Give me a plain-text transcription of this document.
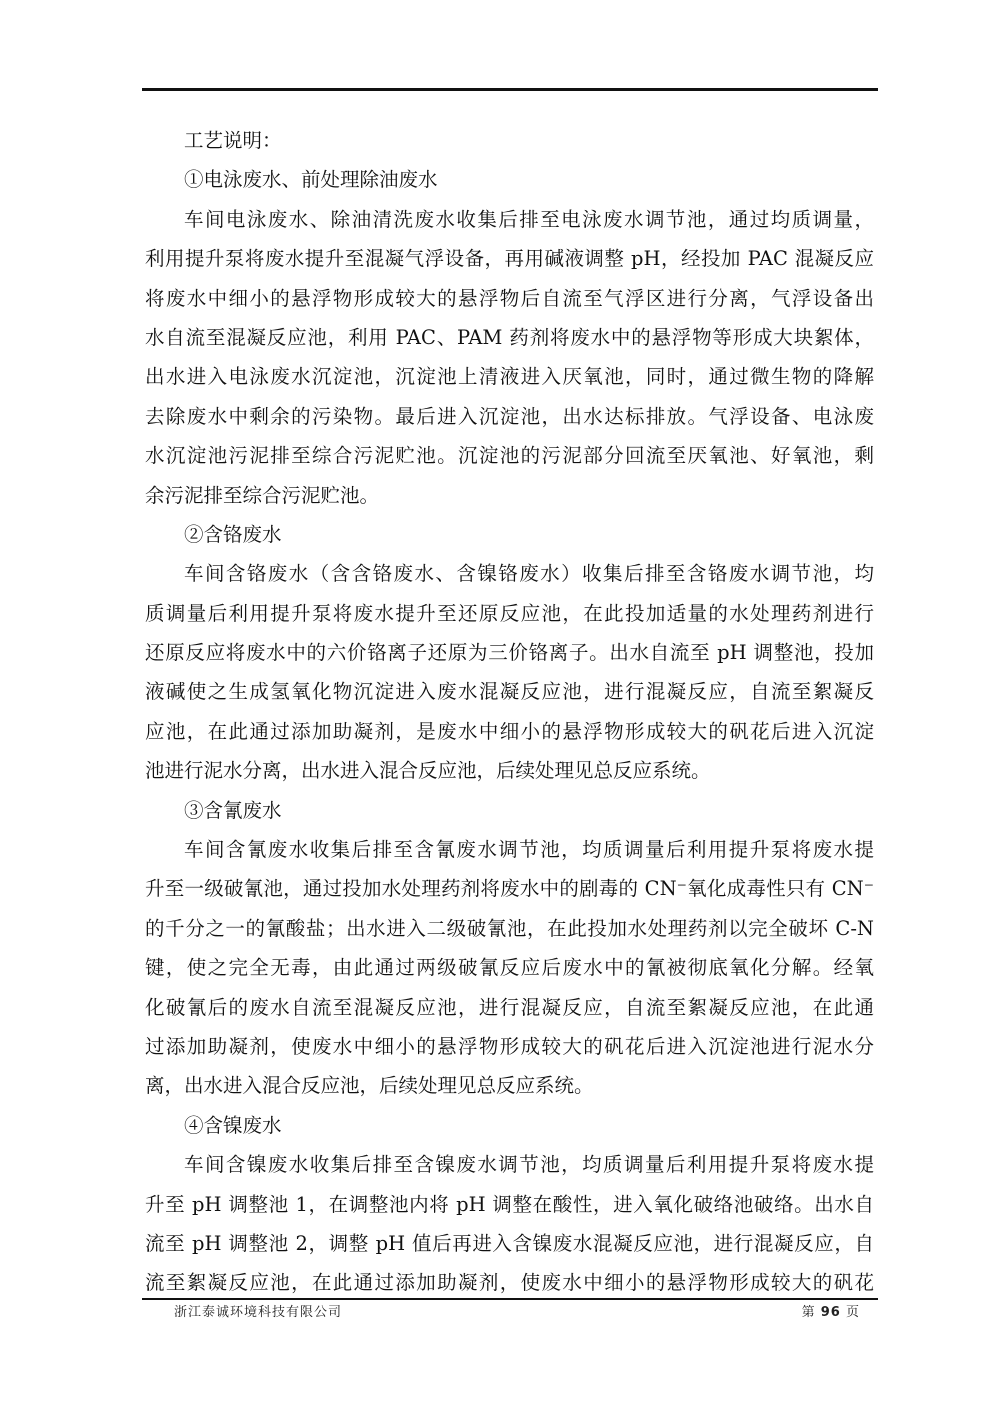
工艺说明：
①电泳废水、前处理除油废水
车间电泳废水、除油清洗废水收集后排至电泳废水调节池，通过均质调量，
利用提升泵将废水提升至混凝气浮设备，再用碱液调整 pH，经投加 PAC 混凝反应
将废水中细小的悬浮物形成较大的悬浮物后自流至气浮区进行分离，气浮设备出
水自流至混凝反应池，利用 PAC、PAM 药剂将废水中的悬浮物等形成大块絮体，
出水进入电泳废水沉淀池，沉淀池上清液进入厌氧池，同时，通过微生物的降解
去除废水中剩余的污染物。最后进入沉淀池，出水达标排放。气浮设备、电泳废
水沉淀池污泥排至综合污泥贮池。沉淀池的污泥部分回流至厌氧池、好氧池，剩
余污泥排至综合污泥贮池。
②含铬废水
车间含铬废水（含含铬废水、含镍铬废水）收集后排至含铬废水调节池，均
质调量后利用提升泵将废水提升至还原反应池，在此投加适量的水处理药剂进行
还原反应将废水中的六价铬离子还原为三价铬离子。出水自流至 pH 调整池，投加
液碱使之生成氢氧化物沉淀进入废水混凝反应池，进行混凝反应，自流至絮凝反
应池，在此通过添加助凝剂，是废水中细小的悬浮物形成较大的矾花后进入沉淀
池进行泥水分离，出水进入混合反应池，后续处理见总反应系统。
③含氰废水
车间含氰废水收集后排至含氰废水调节池，均质调量后利用提升泵将废水提
升至一级破氰池，通过投加水处理药剂将废水中的剧毒的 CN⁻氧化成毒性只有 CN⁻
的千分之一的氰酸盐；出水进入二级破氰池，在此投加水处理药剂以完全破坏 C-N
键，使之完全无毒，由此通过两级破氰反应后废水中的氰被彻底氧化分解。经氧
化破氰后的废水自流至混凝反应池，进行混凝反应，自流至絮凝反应池，在此通
过添加助凝剂，使废水中细小的悬浮物形成较大的矾花后进入沉淀池进行泥水分
离，出水进入混合反应池，后续处理见总反应系统。
④含镍废水
车间含镍废水收集后排至含镍废水调节池，均质调量后利用提升泵将废水提
升至 pH 调整池 1，在调整池内将 pH 调整在酸性，进入氧化破络池破络。出水自
流至 pH 调整池 2，调整 pH 值后再进入含镍废水混凝反应池，进行混凝反应，自
流至絮凝反应池，在此通过添加助凝剂，使废水中细小的悬浮物形成较大的矾花
浙江泰诚环境科技有限公司	第 96 页
